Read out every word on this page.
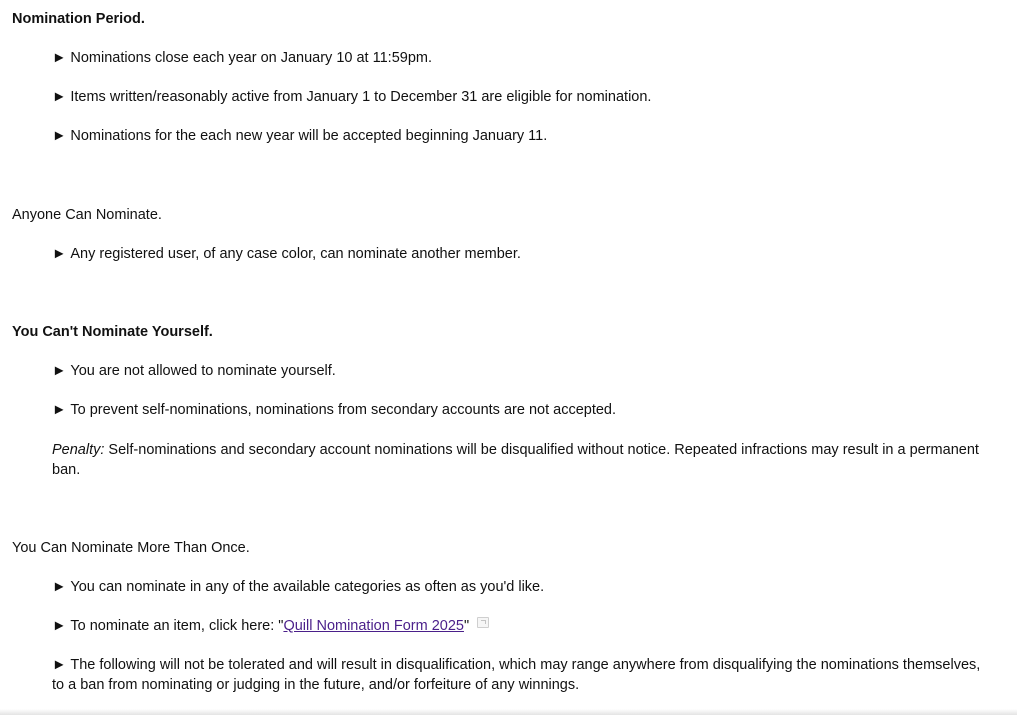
Nomination Period.

► Nominations close each year on January 10 at 11:59pm.

► Items written/reasonably active from January 1 to December 31 are eligible for nomination.

► Nominations for the each new year will be accepted beginning January 11.

Anyone Can Nominate.

► Any registered user, of any case color, can nominate another member.

You Can't Nominate Yourself.

► You are not allowed to nominate yourself.

► To prevent self-nominations, nominations from secondary accounts are not accepted.

Penalty: Self-nominations and secondary account nominations will be disqualified without notice. Repeated infractions may result in a permanent ban.

You Can Nominate More Than Once.

► You can nominate in any of the available categories as often as you'd like.

► To nominate an item, click here: "Quill Nomination Form 2025"

► The following will not be tolerated and will result in disqualification, which may range anywhere from disqualifying the nominations themselves, to a ban from nominating or judging in the future, and/or forfeiture of any winnings.
